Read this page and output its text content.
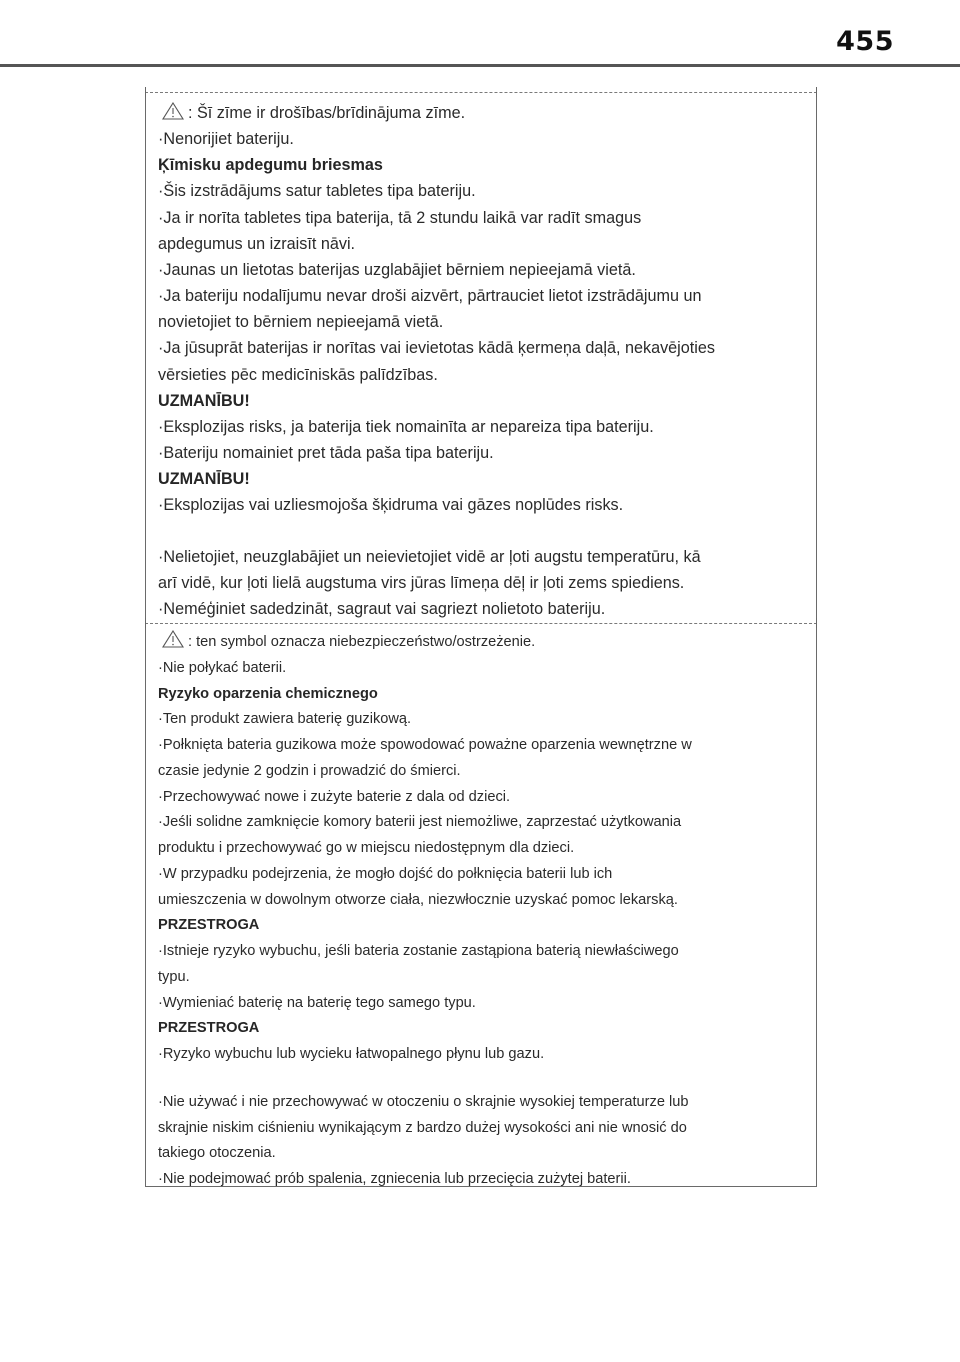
455
: Šī zīme ir drošības/brīdinājuma zīme.
·Nenorijiet bateriju.
Ķīmisku apdegumu briesmas
·Šis izstrādājums satur tabletes tipa bateriju.
·Ja ir norīta tabletes tipa baterija, tā 2 stundu laikā var radīt smagus
apdegumus un izraisīt nāvi.
·Jaunas un lietotas baterijas uzglabājiet bērniem nepieejamā vietā.
·Ja bateriju nodalījumu nevar droši aizvērt, pārtrauciet lietot izstrādājumu un
novietojiet to bērniem nepieejamā vietā.
·Ja jūsuprāt baterijas ir norītas vai ievietotas kādā ķermeņa daļā, nekavējoties
vērsieties pēc medicīniskās palīdzības.
UZMANĪBU!
·Eksplozijas risks, ja baterija tiek nomainīta ar nepareiza tipa bateriju.
·Bateriju nomainiet pret tāda paša tipa bateriju.
UZMANĪBU!
·Eksplozijas vai uzliesmojoša šķidruma vai gāzes noplūdes risks.
·Nelietojiet, neuzglabājiet un neievietojiet vidē ar ļoti augstu temperatūru, kā
arī vidē, kur ļoti lielā augstuma virs jūras līmeņa dēļ ir ļoti zems spiediens.
·Neméģiniet sadedzināt, sagraut vai sagriezt nolietoto bateriju.
: ten symbol oznacza niebezpieczeństwo/ostrzeżenie.
·Nie połykać baterii.
Ryzyko oparzenia chemicznego
·Ten produkt zawiera baterię guzikową.
·Połknięta bateria guzikowa może spowodować poważne oparzenia wewnętrzne w
czasie jedynie 2 godzin i prowadzić do śmierci.
·Przechowywać nowe i zużyte baterie z dala od dzieci.
·Jeśli solidne zamknięcie komory baterii jest niemożliwe, zaprzestać użytkowania
produktu i przechowywać go w miejscu niedostępnym dla dzieci.
·W przypadku podejrzenia, że mogło dojść do połknięcia baterii lub ich
umieszczenia w dowolnym otworze ciała, niezwłocznie uzyskać pomoc lekarską.
PRZESTROGA
·Istnieje ryzyko wybuchu, jeśli bateria zostanie zastąpiona baterią niewłaściwego
typu.
·Wymieniać baterię na baterię tego samego typu.
PRZESTROGA
·Ryzyko wybuchu lub wycieku łatwopalnego płynu lub gazu.
·Nie używać i nie przechowywać w otoczeniu o skrajnie wysokiej temperaturze lub
skrajnie niskim ciśnieniu wynikającym z bardzo dużej wysokości ani nie wnosić do
takiego otoczenia.
·Nie podejmować prób spalenia, zgniecenia lub przecięcia zużytej baterii.
